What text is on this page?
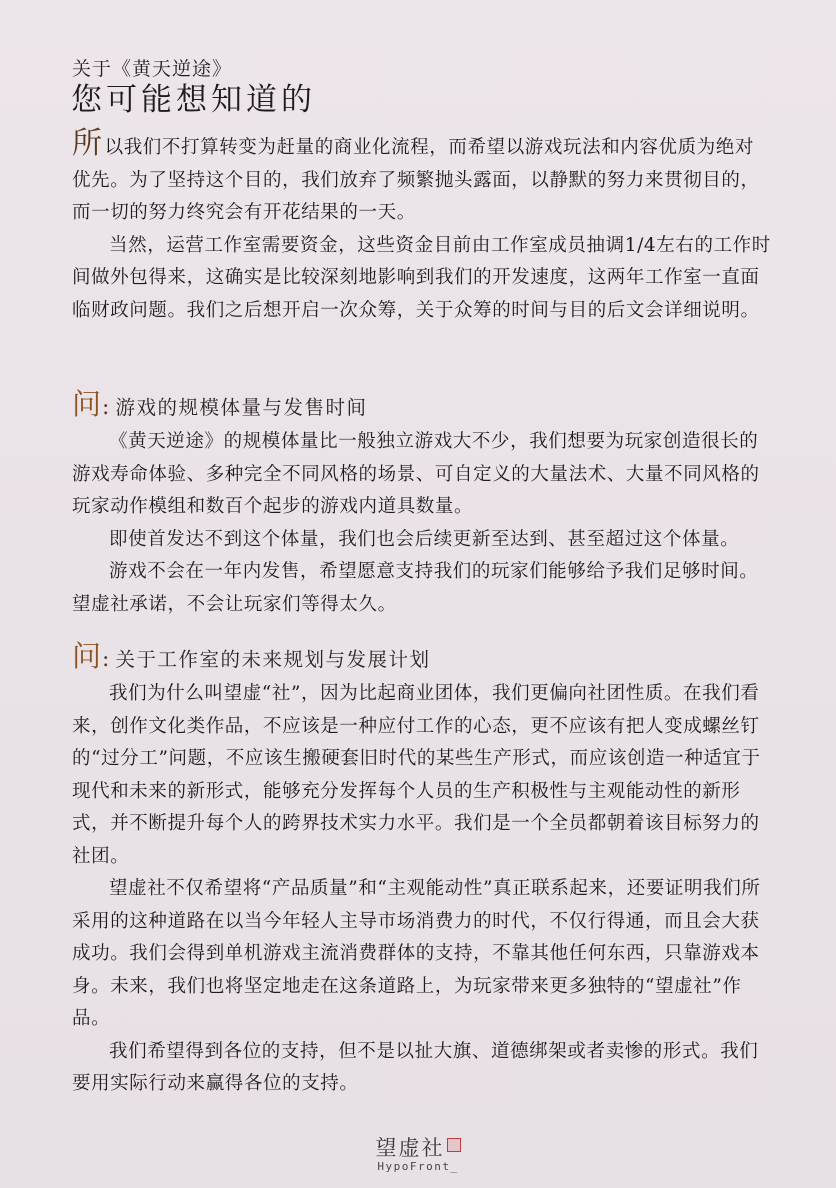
关于《黄天逆途》
您可能想知道的

所以我们不打算转变为赶量的商业化流程，而希望以游戏玩法和内容优质为绝对优先。为了坚持这个目的，我们放弃了频繁抛头露面，以静默的努力来贯彻目的，而一切的努力终究会有开花结果的一天。

当然，运营工作室需要资金，这些资金目前由工作室成员抽调1/4左右的工作时间做外包得来，这确实是比较深刻地影响到我们的开发速度，这两年工作室一直面临财政问题。我们之后想开启一次众筹，关于众筹的时间与目的后文会详细说明。

问 : 游戏的规模体量与发售时间

《黄天逆途》的规模体量比一般独立游戏大不少，我们想要为玩家创造很长的游戏寿命体验、多种完全不同风格的场景、可自定义的大量法术、大量不同风格的玩家动作模组和数百个起步的游戏内道具数量。

即使首发达不到这个体量，我们也会后续更新至达到、甚至超过这个体量。

游戏不会在一年内发售，希望愿意支持我们的玩家们能够给予我们足够时间。望虚社承诺，不会让玩家们等得太久。

问 : 关于工作室的未来规划与发展计划

我们为什么叫望虚“社”，因为比起商业团体，我们更偏向社团性质。在我们看来，创作文化类作品，不应该是一种应付工作的心态，更不应该有把人变成螺丝钉的“过分工”问题，不应该生搬硬套旧时代的某些生产形式，而应该创造一种适宜于现代和未来的新形式，能够充分发挥每个人员的生产积极性与主观能动性的新形式，并不断提升每个人的跨界技术实力水平。我们是一个全员都朝着该目标努力的社团。

望虚社不仅希望将“产品质量”和“主观能动性”真正联系起来，还要证明我们所采用的这种道路在以当今年轻人主导市场消费力的时代，不仅行得通，而且会大获成功。我们会得到单机游戏主流消费群体的支持，不靠其他任何东西，只靠游戏本身。未来，我们也将坚定地走在这条道路上，为玩家带来更多独特的“望虚社”作品。

我们希望得到各位的支持，但不是以扯大旗、道德绑架或者卖惨的形式。我们要用实际行动来赢得各位的支持。

望虚社
HypoFront_
